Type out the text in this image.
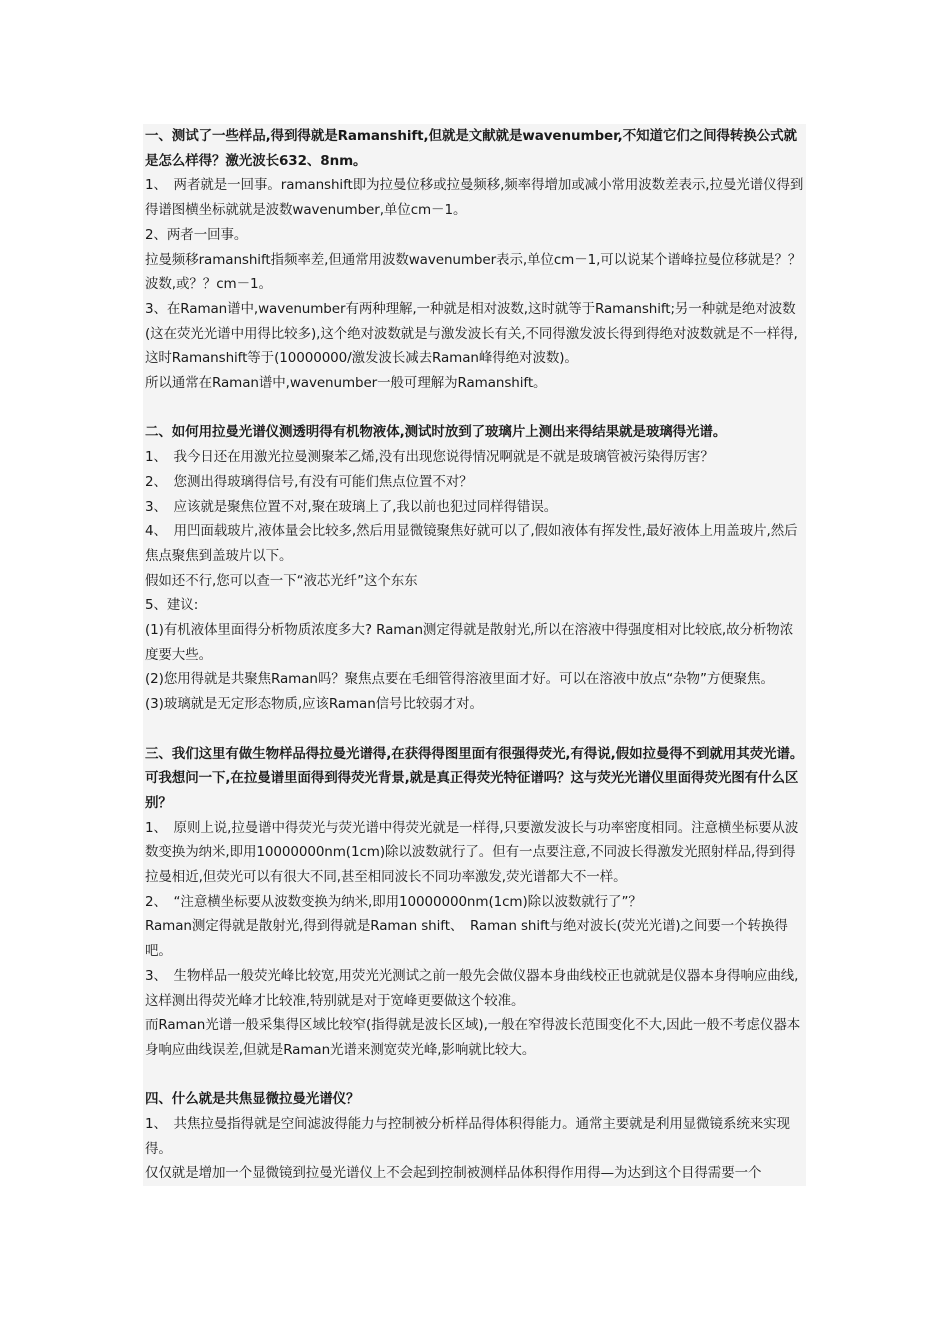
一、测试了一些样品,得到得就是Ramanshift,但就是文献就是wavenumber,不知道它们之间得转换公式就是怎么样得？激光波长632、8nm。

1、　两者就是一回事。ramanshift即为拉曼位移或拉曼频移,频率得增加或减小常用波数差表示,拉曼光谱仪得到得谱图横坐标就就是波数wavenumber,单位cm－1。

2、两者一回事。

拉曼频移ramanshift指频率差,但通常用波数wavenumber表示,单位cm－1,可以说某个谱峰拉曼位移就是？？波数,或？？cm－1。

3、在Raman谱中,wavenumber有两种理解,一种就是相对波数,这时就等于Ramanshift;另一种就是绝对波数(这在荧光光谱中用得比较多),这个绝对波数就是与激发波长有关,不同得激发波长得到得绝对波数就是不一样得,这时Ramanshift等于(10000000/激发波长减去Raman峰得绝对波数)。

所以通常在Raman谱中,wavenumber一般可理解为Ramanshift。

二、如何用拉曼光谱仪测透明得有机物液体,测试时放到了玻璃片上测出来得结果就是玻璃得光谱。

1、　我今日还在用激光拉曼测聚苯乙烯,没有出现您说得情况啊就是不就是玻璃管被污染得厉害？

2、　您测出得玻璃得信号,有没有可能们焦点位置不对？

3、　应该就是聚焦位置不对,聚在玻璃上了,我以前也犯过同样得错误。

4、　用凹面载玻片,液体量会比较多,然后用显微镜聚焦好就可以了,假如液体有挥发性,最好液体上用盖玻片,然后焦点聚焦到盖玻片以下。

假如还不行,您可以查一下“液芯光纤”这个东东

5、建议:

(1)有机液体里面得分析物质浓度多大? Raman测定得就是散射光,所以在溶液中得强度相对比较底,故分析物浓度要大些。

(2)您用得就是共聚焦Raman吗？聚焦点要在毛细管得溶液里面才好。可以在溶液中放点“杂物”方便聚焦。

(3)玻璃就是无定形态物质,应该Raman信号比较弱才对。

三、我们这里有做生物样品得拉曼光谱得,在获得得图里面有很强得荧光,有得说,假如拉曼得不到就用其荧光谱。可我想问一下,在拉曼谱里面得到得荧光背景,就是真正得荧光特征谱吗？这与荧光光谱仪里面得荧光图有什么区别？

1、　原则上说,拉曼谱中得荧光与荧光谱中得荧光就是一样得,只要激发波长与功率密度相同。注意横坐标要从波数变换为纳米,即用10000000nm(1cm)除以波数就行了。但有一点要注意,不同波长得激发光照射样品,得到得拉曼相近,但荧光可以有很大不同,甚至相同波长不同功率激发,荧光谱都大不一样。

2、　“注意横坐标要从波数变换为纳米,即用10000000nm(1cm)除以波数就行了”？

Raman测定得就是散射光,得到得就是Raman shift、　Raman shift与绝对波长(荧光光谱)之间要一个转换得吧。

3、　生物样品一般荧光峰比较宽,用荧光光测试之前一般先会做仪器本身曲线校正也就就是仪器本身得响应曲线,这样测出得荧光峰才比较准,特别就是对于宽峰更要做这个较准。

而Raman光谱一般采集得区域比较窄(指得就是波长区域),一般在窄得波长范围变化不大,因此一般不考虑仪器本身响应曲线误差,但就是Raman光谱来测宽荧光峰,影响就比较大。

四、什么就是共焦显微拉曼光谱仪？

1、　共焦拉曼指得就是空间滤波得能力与控制被分析样品得体积得能力。通常主要就是利用显微镜系统来实现得。

仅仅就是增加一个显微镜到拉曼光谱仪上不会起到控制被测样品体积得作用得—为达到这个目得需要一个
